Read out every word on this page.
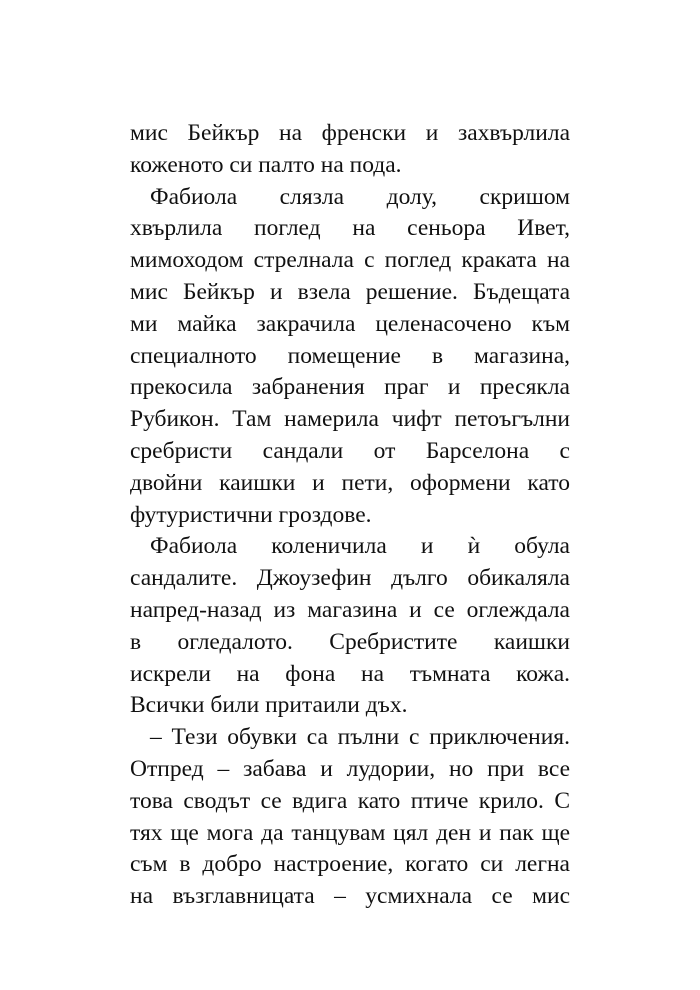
мис Бейкър на френски и захвърлила
коженото си палто на пода.
Фабиола слязла долу, скришом
хвърлила поглед на сеньора Ивет,
мимоходом стрелнала с поглед краката на
мис Бейкър и взела решение. Бъдещата
ми майка закрачила целенасочено към
специалното помещение в магазина,
прекосила забранения праг и пресякла
Рубикон. Там намерила чифт петоъгълни
сребристи сандали от Барселона с
двойни каишки и пети, оформени като
футуристични гроздове.
Фабиола коленичила и ѝ обула
сандалите. Джоузефин дълго обикаляла
напред-назад из магазина и се оглеждала
в огледалото. Сребристите каишки
искрели на фона на тъмната кожа.
Всички били притаили дъх.
– Тези обувки са пълни с приключения.
Отпред – забава и лудории, но при все
това сводът се вдига като птиче крило. С
тях ще мога да танцувам цял ден и пак ще
съм в добро настроение, когато си легна
на възглавницата – усмихнала се мис
